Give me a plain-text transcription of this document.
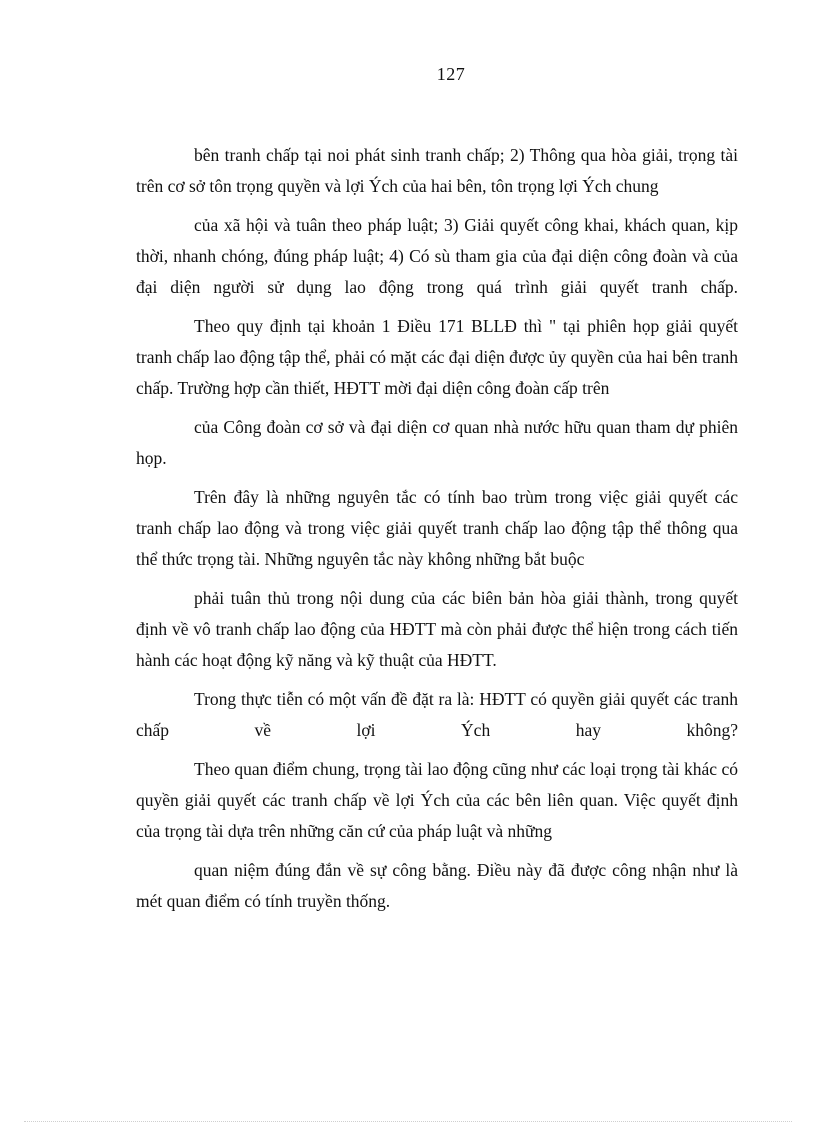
127

bên tranh chấp tại noi phát sinh tranh chấp; 2) Thông qua hòa giải, trọng tài trên cơ sở tôn trọng quyền và lợi Ých của hai bên, tôn trọng lợi Ých chung

của xã hội và tuân theo pháp luật; 3) Giải quyết công khai, khách quan, kịp thời, nhanh chóng, đúng pháp luật; 4) Có sù tham gia của đại diện công đoàn và của đại diện người sử dụng lao động trong quá trình giải quyết tranh chấp.

Theo quy định tại khoản 1 Điều 171 BLLĐ thì " tại phiên họp giải quyết tranh chấp lao động tập thể, phải có mặt các đại diện được ủy quyền của hai bên tranh chấp. Trường hợp cần thiết, HĐTT mời đại diện công đoàn cấp trên

của Công đoàn cơ sở và đại diện cơ quan nhà nước hữu quan tham dự phiên họp.

Trên đây là những nguyên tắc có tính bao trùm trong việc giải quyết các tranh chấp lao động và trong việc giải quyết tranh chấp lao động tập thể thông qua thể thức trọng tài. Những nguyên tắc này không những bắt buộc

phải tuân thủ trong nội dung của các biên bản hòa giải thành, trong quyết định về vô tranh chấp lao động của HĐTT mà còn phải được thể hiện trong cách tiến hành các hoạt động kỹ năng và kỹ thuật của HĐTT.

Trong thực tiễn có một vấn đề đặt ra là: HĐTT có quyền giải quyết các tranh chấp về lợi Ých hay không?

Theo quan điểm chung, trọng tài lao động cũng như các loại trọng tài khác có quyền giải quyết các tranh chấp về lợi Ých của các bên liên quan. Việc quyết định của trọng tài dựa trên những căn cứ của pháp luật và những

quan niệm đúng đắn về sự công bằng. Điều này đã được công nhận như là mét quan điểm có tính truyền thống.
